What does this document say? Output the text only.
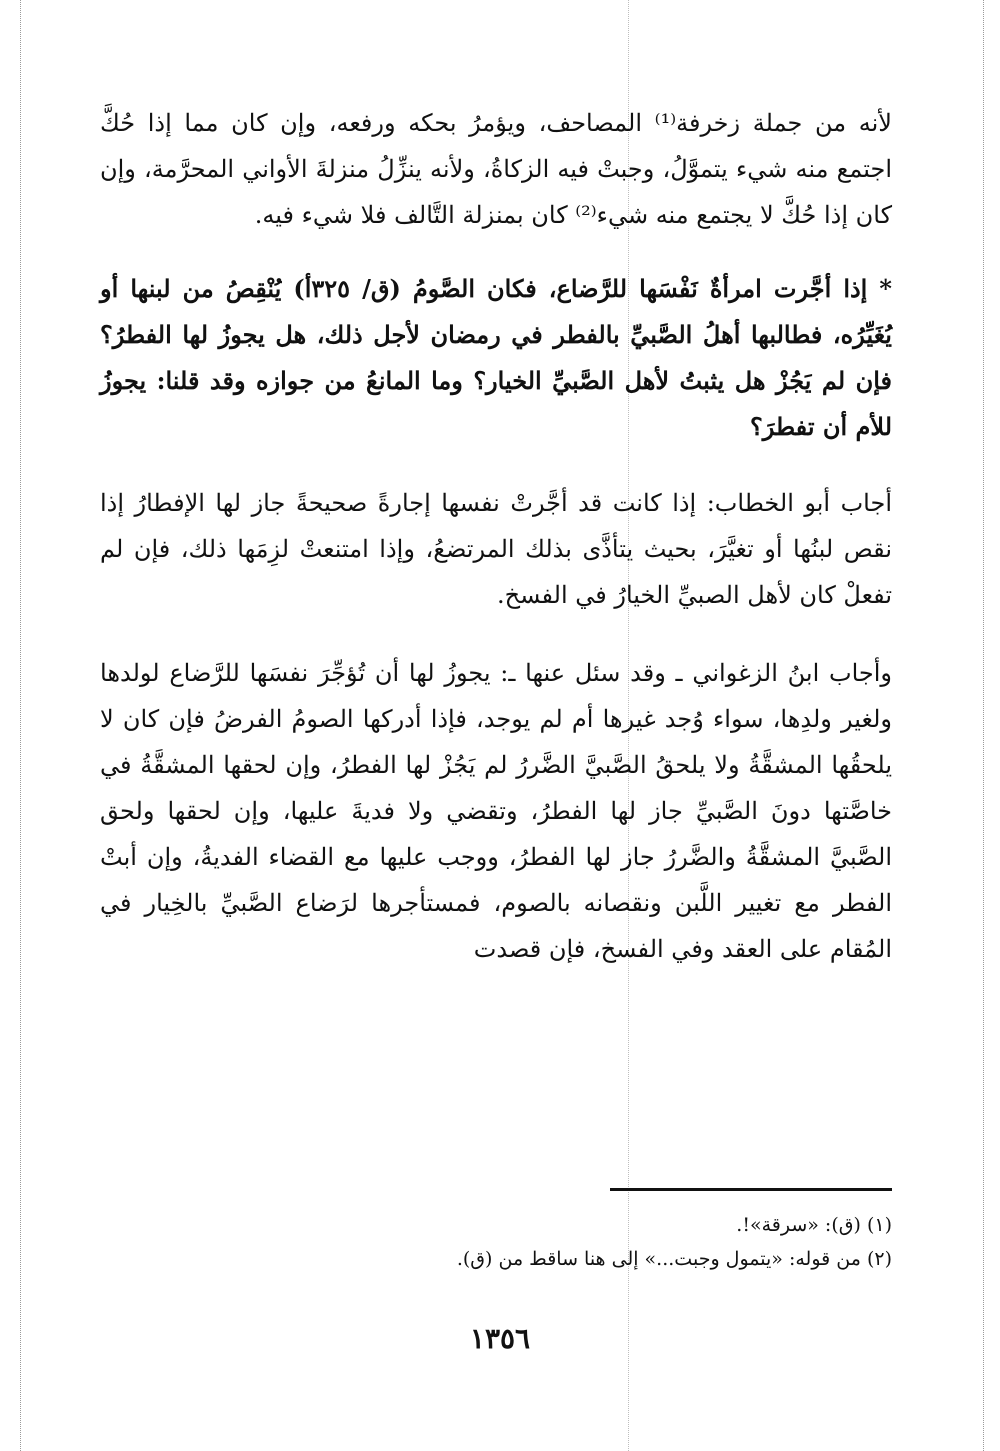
لأنه من جملة زخرفة⁽¹⁾ المصاحف، ويؤمرُ بحكه ورفعه، وإن كان مما إذا حُكَّ اجتمع منه شيء يتموَّلُ، وجبتْ فيه الزكاةُ، ولأنه ينزِّلُ منزلةَ الأواني المحرَّمة، وإن كان إذا حُكَّ لا يجتمع منه شيء⁽²⁾ كان بمنزلة التَّالف فلا شيء فيه.

* إذا أجَّرت امرأةٌ نَفْسَها للرَّضاع، فكان الصَّومُ (ق/ ٣٢٥أ) يُنْقِصُ من لبنها أو يُغَيِّرُه، فطالبها أهلُ الصَّبيِّ بالفطر في رمضان لأجل ذلك، هل يجوزُ لها الفطرُ؟ فإن لم يَجُزْ هل يثبتُ لأهل الصَّبيِّ الخيار؟ وما المانعُ من جوازه وقد قلنا: يجوزُ للأم أن تفطرَ؟

أجاب أبو الخطاب: إذا كانت قد أجَّرتْ نفسها إجارةً صحيحةً جاز لها الإفطارُ إذا نقص لبنُها أو تغيَّرَ، بحيث يتأذَّى بذلك المرتضعُ، وإذا امتنعتْ لزِمَها ذلك، فإن لم تفعلْ كان لأهل الصبيِّ الخيارُ في الفسخ.

وأجاب ابنُ الزغواني ـ وقد سئل عنها ـ: يجوزُ لها أن تُؤجِّرَ نفسَها للرَّضاع لولدها ولغير ولدِها، سواء وُجد غيرها أم لم يوجد، فإذا أدركها الصومُ الفرضُ فإن كان لا يلحقُها المشقَّةُ ولا يلحقُ الصَّبيَّ الضَّررُ لم يَجُزْ لها الفطرُ، وإن لحقها المشقَّةُ في خاصَّتها دونَ الصَّبيِّ جاز لها الفطرُ، وتقضي ولا فديةَ عليها، وإن لحقها ولحق الصَّبيَّ المشقَّةُ والضَّررُ جاز لها الفطرُ، ووجب عليها مع القضاء الفديةُ، وإن أبتْ الفطر مع تغيير اللَّبن ونقصانه بالصوم، فمستأجرها لرَضاع الصَّبيِّ بالخِيار في المُقام على العقد وفي الفسخ، فإن قصدت

(١) (ق): «سرقة»!.

(٢) من قوله: «يتمول وجبت...» إلى هنا ساقط من (ق).

١٣٥٦
